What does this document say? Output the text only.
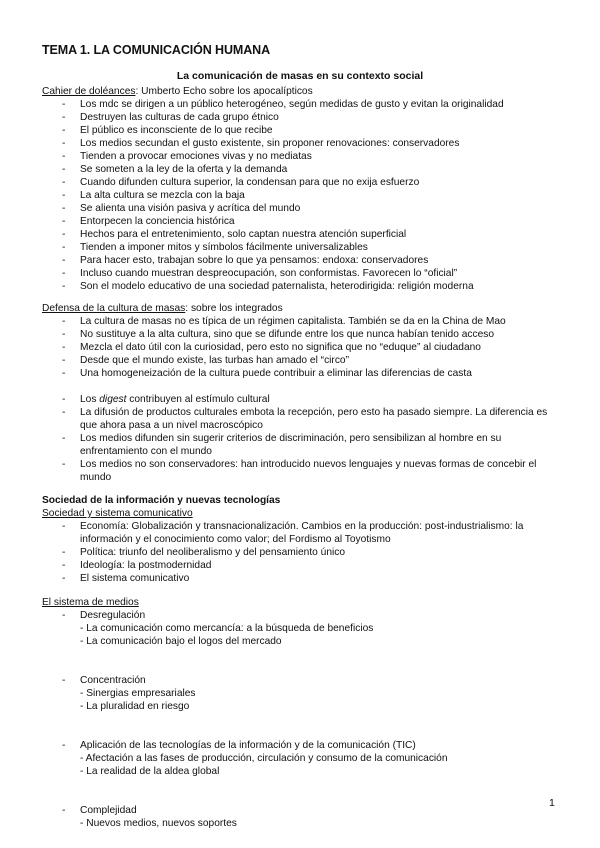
TEMA 1. LA COMUNICACIÓN HUMANA
La comunicación de masas en su contexto social
Cahier de doléances: Umberto Echo sobre los apocalípticos
- Los mdc se dirigen a un público heterogéneo, según medidas de gusto y evitan la originalidad
- Destruyen las culturas de cada grupo étnico
- El público es inconsciente de lo que recibe
- Los medios secundan el gusto existente, sin proponer renovaciones: conservadores
- Tienden a provocar emociones vivas y no mediatas
- Se someten a la ley de la oferta y la demanda
- Cuando difunden cultura superior, la condensan para que no exija esfuerzo
- La alta cultura se mezcla con la baja
- Se alienta una visión pasiva y acrítica del mundo
- Entorpecen la conciencia histórica
- Hechos para el entretenimiento, solo captan nuestra atención superficial
- Tienden a imponer mitos y símbolos fácilmente universalizables
- Para hacer esto, trabajan sobre lo que ya pensamos: endoxa: conservadores
- Incluso cuando muestran despreocupación, son conformistas. Favorecen lo “oficial”
- Son el modelo educativo de una sociedad paternalista, heterodirigida: religión moderna
Defensa de la cultura de masas: sobre los integrados
- La cultura de masas no es típica de un régimen capitalista. También se da en la China de Mao
- No sustituye a la alta cultura, sino que se difunde entre los que nunca habían tenido acceso
- Mezcla el dato útil con la curiosidad, pero esto no significa que no “eduque” al ciudadano
- Desde que el mundo existe, las turbas han amado el “circo”
- Una homogeneización de la cultura puede contribuir a eliminar las diferencias de casta
- Los digest contribuyen al estímulo cultural
- La difusión de productos culturales embota la recepción, pero esto ha pasado siempre. La diferencia es que ahora pasa a un nivel macroscópico
- Los medios difunden sin sugerir criterios de discriminación, pero sensibilizan al hombre en su enfrentamiento con el mundo
- Los medios no son conservadores: han introducido nuevos lenguajes y nuevas formas de concebir el mundo
Sociedad de la información y nuevas tecnologías
Sociedad y sistema comunicativo
- Economía: Globalización y transnacionalización. Cambios en la producción: post-industrialismo: la información y el conocimiento como valor; del Fordismo al Toyotismo
- Política: triunfo del neoliberalismo y del pensamiento único
- Ideología: la postmodernidad
- El sistema comunicativo
El sistema de medios
- Desregulación
- La comunicación como mercancía: a la búsqueda de beneficios
- La comunicación bajo el logos del mercado
- Concentración
- Sinergias empresariales
- La pluralidad en riesgo
- Aplicación de las tecnologías de la información y de la comunicación (TIC)
- Afectación a las fases de producción, circulación y consumo de la comunicación
- La realidad de la aldea global
- Complejidad
- Nuevos medios, nuevos soportes
1
